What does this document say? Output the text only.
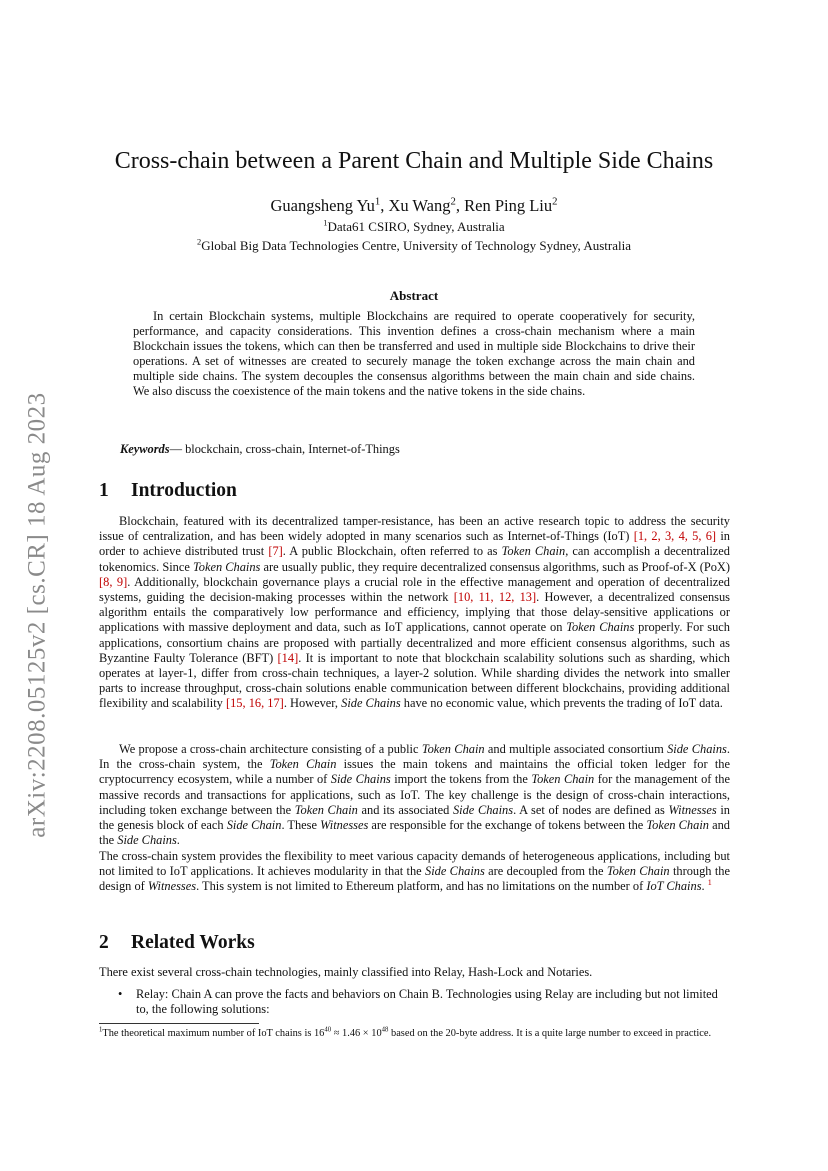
arXiv:2208.05125v2 [cs.CR] 18 Aug 2023
Cross-chain between a Parent Chain and Multiple Side Chains
Guangsheng Yu$^1$, Xu Wang$^2$, Ren Ping Liu$^2$
$^1$Data61 CSIRO, Sydney, Australia
$^2$Global Big Data Technologies Centre, University of Technology Sydney, Australia
Abstract

In certain Blockchain systems, multiple Blockchains are required to operate cooperatively for security, performance, and capacity considerations. This invention defines a cross-chain mechanism where a main Blockchain issues the tokens, which can then be transferred and used in multiple side Blockchains to drive their operations. A set of witnesses are created to securely manage the token exchange across the main chain and multiple side chains. The system decouples the consensus algorithms between the main chain and side chains. We also discuss the coexistence of the main tokens and the native tokens in the side chains.

Keywords— blockchain, cross-chain, Internet-of-Things
1 Introduction
Blockchain, featured with its decentralized tamper-resistance, has been an active research topic to address the security issue of centralization, and has been widely adopted in many scenarios such as Internet-of-Things (IoT) [1, 2, 3, 4, 5, 6] in order to achieve distributed trust [7]. A public Blockchain, often referred to as Token Chain, can accomplish a decentralized tokenomics. Since Token Chains are usually public, they require decentralized consensus algorithms, such as Proof-of-X (PoX) [8, 9]. Additionally, blockchain governance plays a crucial role in the effective management and operation of decentralized systems, guiding the decision-making processes within the network [10, 11, 12, 13]. However, a decentralized consensus algorithm entails the comparatively low performance and efficiency, implying that those delay-sensitive applications or applications with massive deployment and data, such as IoT applications, cannot operate on Token Chains properly. For such applications, consortium chains are proposed with partially decentralized and more efficient consensus algorithms, such as Byzantine Faulty Tolerance (BFT) [14]. It is important to note that blockchain scalability solutions such as sharding, which operates at layer-1, differ from cross-chain techniques, a layer-2 solution. While sharding divides the network into smaller parts to increase throughput, cross-chain solutions enable communication between different blockchains, providing additional flexibility and scalability [15, 16, 17]. However, Side Chains have no economic value, which prevents the trading of IoT data.
We propose a cross-chain architecture consisting of a public Token Chain and multiple associated consortium Side Chains. In the cross-chain system, the Token Chain issues the main tokens and maintains the official token ledger for the cryptocurrency ecosystem, while a number of Side Chains import the tokens from the Token Chain for the management of the massive records and transactions for applications, such as IoT. The key challenge is the design of cross-chain interactions, including token exchange between the Token Chain and its associated Side Chains. A set of nodes are defined as Witnesses in the genesis block of each Side Chain. These Witnesses are responsible for the exchange of tokens between the Token Chain and the Side Chains.
The cross-chain system provides the flexibility to meet various capacity demands of heterogeneous applications, including but not limited to IoT applications. It achieves modularity in that the Side Chains are decoupled from the Token Chain through the design of Witnesses. This system is not limited to Ethereum platform, and has no limitations on the number of IoT Chains. $^1$
2 Related Works
There exist several cross-chain technologies, mainly classified into Relay, Hash-Lock and Notaries.
• Relay: Chain A can prove the facts and behaviors on Chain B. Technologies using Relay are including but not limited to, the following solutions:
$^1$The theoretical maximum number of IoT chains is $16^{40} \approx 1.46 \times 10^{48}$ based on the 20-byte address. It is a quite large number to exceed in practice.
